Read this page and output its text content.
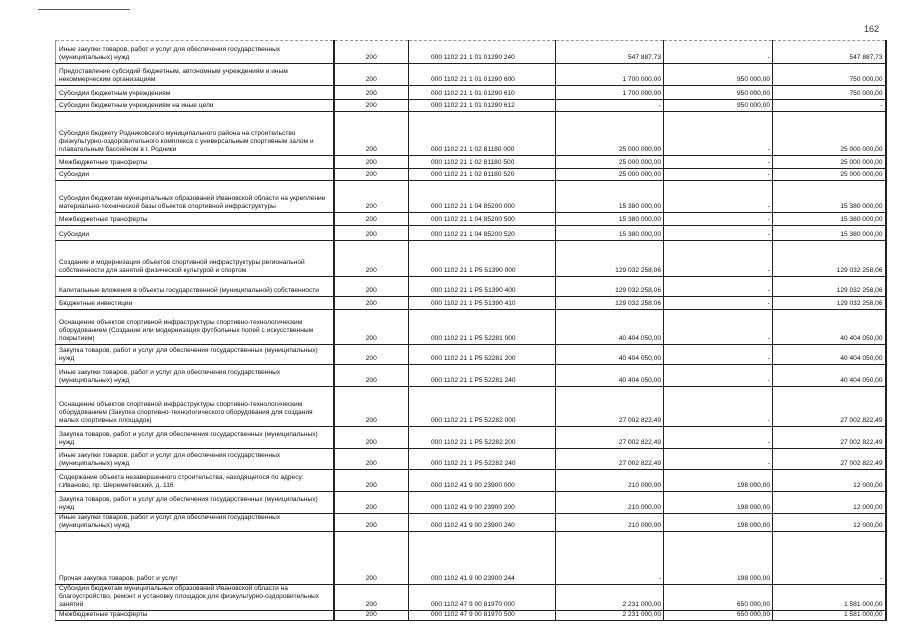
162
Иные закупки товаров, работ и услуг для обеспечения государственных (муниципальных) нужд	200	000 1102 21 1 01 01290 240	547 887,73	-	547 887,73
Предоставление субсидий бюджетным, автономным учреждениям и иным некоммерческим организациям	200	000 1102 21 1 01 01290 600	1 700 000,00	950 000,00	750 000,00
Субсидии бюджетным учреждениям	200	000 1102 21 1 01 01290 610	1 700 000,00	950 000,00	750 000,00
Субсидии бюджетным учреждениям на иные цели	200	000 1102 21 1 01 01290 612	-	950 000,00	-
Субсидия бюджету Родниковского муниципального района на строительство физкультурно-оздоровительного комплекса с универсальным спортивным залом и плавательным бассейном в г. Родники	200	000 1102 21 1 02 81180 000	25 000 000,00	-	25 000 000,00
Межбюджетные трансферты	200	000 1102 21 1 02 81180 500	25 000 000,00	-	25 000 000,00
Субсидии	200	000 1102 21 1 02 81180 520	25 000 000,00	-	25 000 000,00
Субсидии бюджетам муниципальных образований Ивановской области на укрепление материально-технической базы объектов спортивной инфраструктуры	200	000 1102 21 1 04 85200 000	15 380 000,00	-	15 380 000,00
Межбюджетные трансферты	200	000 1102 21 1 04 85200 500	15 380 000,00	-	15 380 000,00
Субсидии	200	000 1102 21 1 04 85200 520	15 380 000,00	-	15 380 000,00
Создание и модернизация объектов спортивной инфраструктуры региональной собственности для занятий физической культурой и спортом	200	000 1102 21 1 P5 51390 000	129 032 258,06	-	129 032 258,06
Капитальные вложения в объекты государственной (муниципальной) собственности	200	000 1102 21 1 P5 51390 400	129 032 258,06	-	129 032 258,06
Бюджетные инвестиции	200	000 1102 21 1 P5 51390 410	129 032 258,06	-	129 032 258,06
Оснащение объектов спортивной инфраструктуры спортивно-технологическим оборудованием (Создание или модернизация футбольных полей с искусственным покрытием)	200	000 1102 21 1 P5 52281 000	40 404 050,00	-	40 404 050,00
Закупка товаров, работ и услуг для обеспечения государственных (муниципальных) нужд	200	000 1102 21 1 P5 52281 200	40 404 050,00	-	40 404 050,00
Иные закупки товаров, работ и услуг для обеспечения государственных (муниципальных) нужд	200	000 1102 21 1 P5 52281 240	40 404 050,00	-	40 404 050,00
Оснащение объектов спортивной инфраструктуры спортивно-технологическим оборудованием (Закупка спортивно-технологического оборудования для создания малых спортивных площадок)	200	000 1102 21 1 P5 52282 000	27 002 822,49	-	27 002 822,49
Закупка товаров, работ и услуг для обеспечения государственных (муниципальных) нужд	200	000 1102 21 1 P5 52282 200	27 002 822,49	-	27 002 822,49
Иные закупки товаров, работ и услуг для обеспечения государственных (муниципальных) нужд	200	000 1102 21 1 P5 52282 240	27 002 822,49	-	27 002 822,49
Содержание объекта незавершенного строительства, находящегося по адресу: г.Иваново, пр. Шереметевский, д. 116	200	000 1102 41 9 00 23900 000	210 000,00	198 000,00	12 000,00
Закупка товаров, работ и услуг для обеспечения государственных (муниципальных) нужд	200	000 1102 41 9 00 23900 200	210 000,00	198 000,00	12 000,00
Иные закупки товаров, работ и услуг для обеспечения государственных (муниципальных) нужд	200	000 1102 41 9 00 23900 240	210 000,00	198 000,00	12 000,00
Прочая закупка товаров, работ и услуг	200	000 1102 41 9 00 23900 244	-	198 000,00	-
Субсидии бюджетам муниципальных образований Ивановской области на благоустройство, ремонт и установку площадок для физкультурно-оздоровительных занятий	200	000 1102 47 9 00 81970 000	2 231 000,00	650 000,00	1 581 000,00
Межбюджетные трансферты	200	000 1102 47 9 00 81970 500	2 231 000,00	650 000,00	1 581 000,00
